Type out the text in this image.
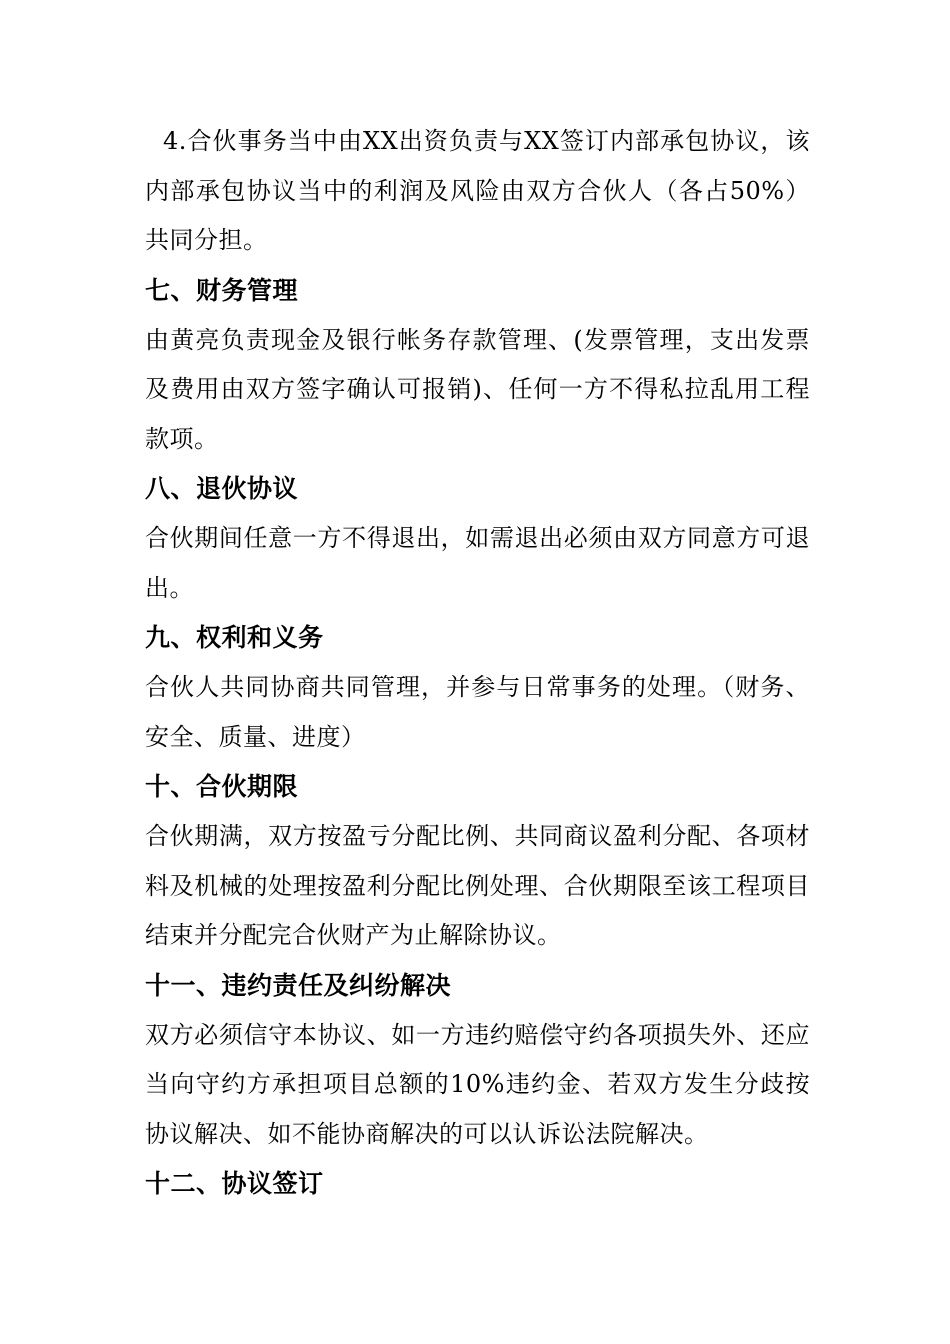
4.合伙事务当中由XX出资负责与XX签订内部承包协议，该内部承包协议当中的利润及风险由双方合伙人（各占50%）共同分担。

七、财务管理

由黄亮负责现金及银行帐务存款管理、(发票管理，支出发票及费用由双方签字确认可报销)、任何一方不得私拉乱用工程款项。

八、退伙协议

合伙期间任意一方不得退出，如需退出必须由双方同意方可退出。

九、权利和义务

合伙人共同协商共同管理，并参与日常事务的处理。（财务、安全、质量、进度）

十、合伙期限

合伙期满，双方按盈亏分配比例、共同商议盈利分配、各项材料及机械的处理按盈利分配比例处理、合伙期限至该工程项目结束并分配完合伙财产为止解除协议。

十一、违约责任及纠纷解决

双方必须信守本协议、如一方违约赔偿守约各项损失外、还应当向守约方承担项目总额的10%违约金、若双方发生分歧按协议解决、如不能协商解决的可以认诉讼法院解决。

十二、协议签订
